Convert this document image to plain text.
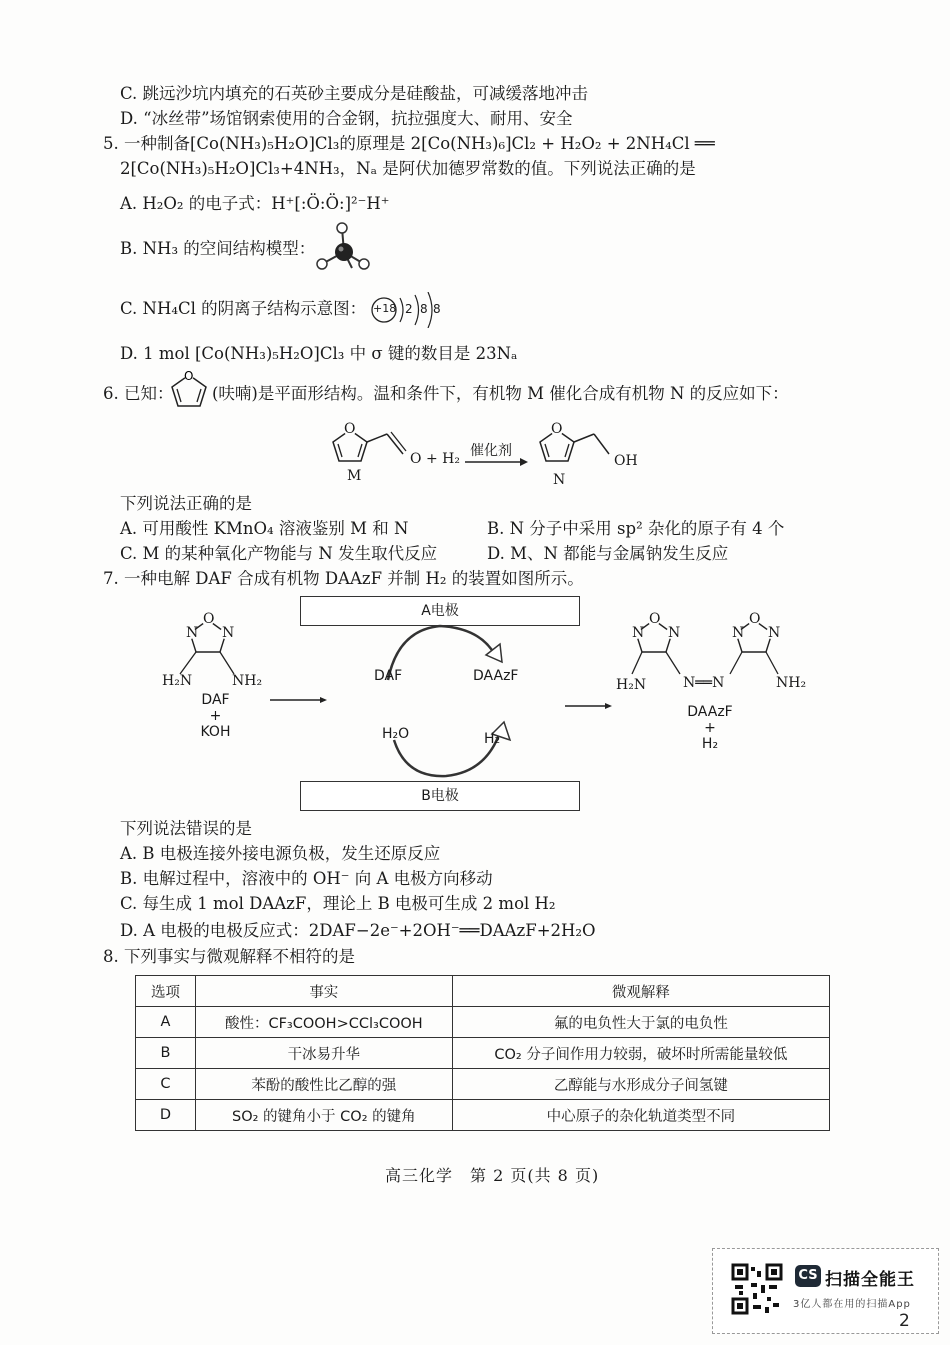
C. 跳远沙坑内填充的石英砂主要成分是硅酸盐，可减缓落地冲击
D. “冰丝带”场馆钢索使用的合金钢，抗拉强度大、耐用、安全
5. 一种制备[Co(NH₃)₅H₂O]Cl₃的原理是 2[Co(NH₃)₆]Cl₂ + H₂O₂ + 2NH₄Cl ══
2[Co(NH₃)₅H₂O]Cl₃+4NH₃，Nₐ 是阿伏加德罗常数的值。下列说法正确的是
A. H₂O₂ 的电子式：H⁺[:Ö:Ö:]²⁻H⁺
B. NH₃ 的空间结构模型：
C. NH₄Cl 的阴离子结构示意图： +18 2 8 8
D. 1 mol [Co(NH₃)₅H₂O]Cl₃ 中 σ 键的数目是 23Nₐ
6. 已知：
O
(呋喃)是平面形结构。温和条件下，有机物 M 催化合成有机物 N 的反应如下：
O	O
O + H₂ 催化剂
OH
M	N
下列说法正确的是
A. 可用酸性 KMnO₄ 溶液鉴别 M 和 N	B. N 分子中采用 sp² 杂化的原子有 4 个
C. M 的某种氧化产物能与 N 发生取代反应	D. M、N 都能与金属钠发生反应
7. 一种电解 DAF 合成有机物 DAAzF 并制 H₂ 的装置如图所示。
A电极
B电极
O
N N
H₂N	NH₂
DAF
+
KOH
DAF	DAAzF
H₂O	H₂
O
N N
O
N N
H₂N	N══N	NH₂
DAAzF
+
H₂
下列说法错误的是
A. B 电极连接外接电源负极，发生还原反应
B. 电解过程中，溶液中的 OH⁻ 向 A 电极方向移动
C. 每生成 1 mol DAAzF，理论上 B 电极可生成 2 mol H₂
D. A 电极的电极反应式：2DAF−2e⁻+2OH⁻══DAAzF+2H₂O
8. 下列事实与微观解释不相符的是
选项	事实	微观解释
A	酸性：CF₃COOH>CCl₃COOH	氟的电负性大于氯的电负性
B	干冰易升华	CO₂ 分子间作用力较弱，破坏时所需能量较低
C	苯酚的酸性比乙醇的强	乙醇能与水形成分子间氢键
D	SO₂ 的键角小于 CO₂ 的键角	中心原子的杂化轨道类型不同
高三化学　第 2 页(共 8 页)
CS 扫描全能王
3亿人都在用的扫描App
2
